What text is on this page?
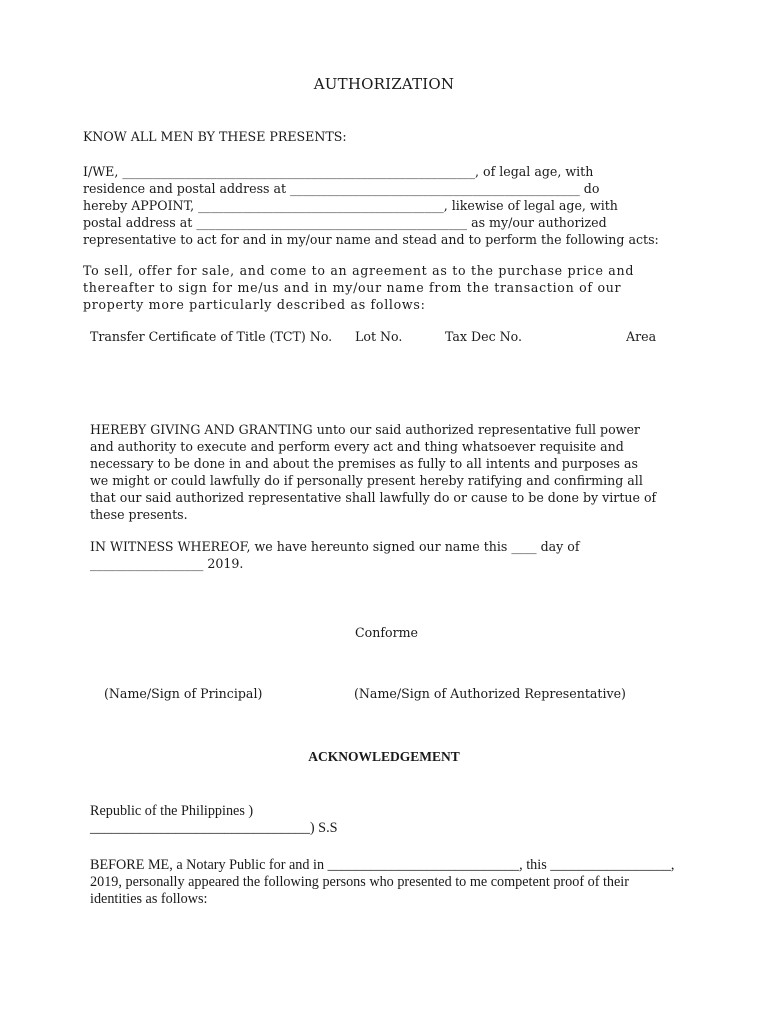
AUTHORIZATION
KNOW ALL MEN BY THESE PRESENTS:
I/WE, ________________________________________________________, of legal age, with
residence and postal address at ______________________________________________ do
hereby APPOINT, _______________________________________, likewise of legal age, with
postal address at ___________________________________________ as my/our authorized
representative to act for and in my/our name and stead and to perform the following acts:
To sell, offer for sale, and come to an agreement as to the purchase price and
thereafter to sign for me/us and in my/our name from the transaction of our
property more particularly described as follows:
Transfer Certificate of Title (TCT) No. Lot No.	Tax Dec No.	Area
HEREBY GIVING AND GRANTING unto our said authorized representative full power
and authority to execute and perform every act and thing whatsoever requisite and
necessary to be done in and about the premises as fully to all intents and purposes as
we might or could lawfully do if personally present hereby ratifying and confirming all
that our said authorized representative shall lawfully do or cause to be done by virtue of
these presents.
IN WITNESS WHEREOF, we have hereunto signed our name this ____ day of
__________________ 2019.
Conforme
(Name/Sign of Principal)	(Name/Sign of Authorized Representative)
ACKNOWLEDGEMENT
Republic of the Philippines )
_______________________________) S.S
BEFORE ME, a Notary Public for and in ___________________________, this _________________,
2019, personally appeared the following persons who presented to me competent proof of their
identities as follows:
